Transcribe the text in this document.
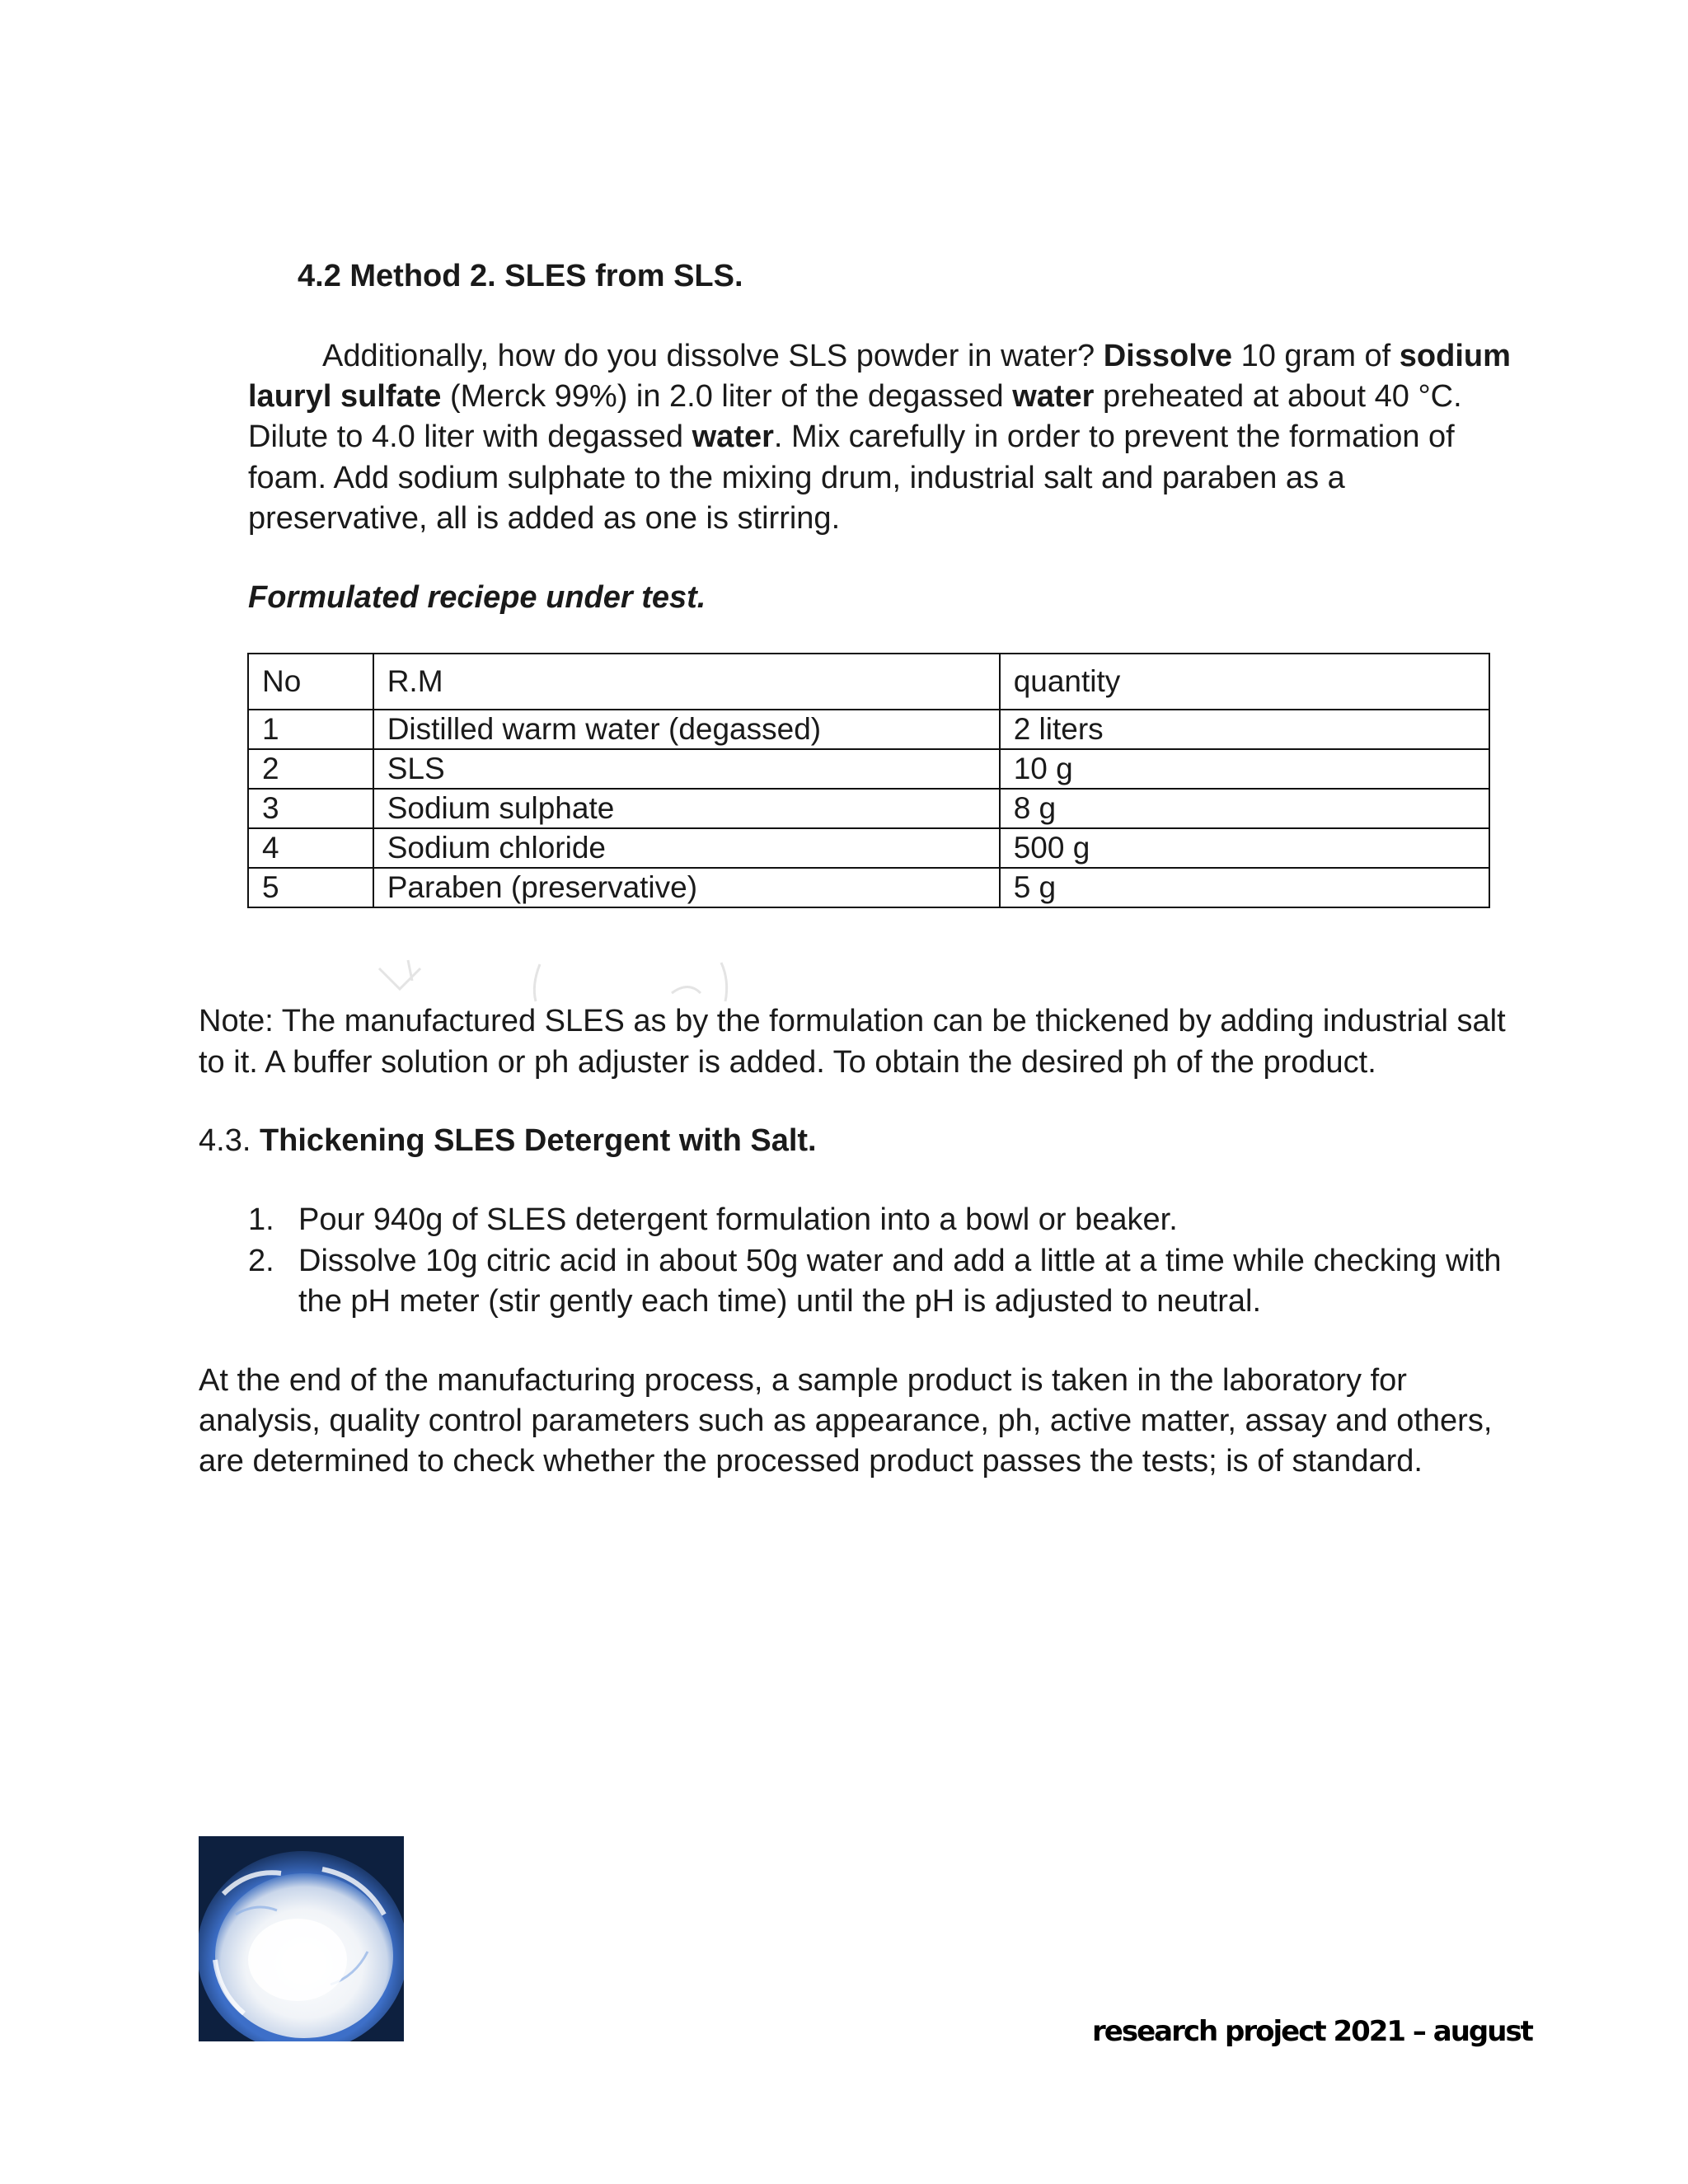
4.2 Method 2. SLES from SLS.
Additionally, how do you dissolve SLS powder in water? Dissolve 10 gram of sodium
lauryl sulfate (Merck 99%) in 2.0 liter of the degassed water preheated at about 40 °C.
Dilute to 4.0 liter with degassed water. Mix carefully in order to prevent the formation of
foam. Add sodium sulphate to the mixing drum, industrial salt and paraben as a
preservative, all is added as one is stirring.
Formulated reciepe under test.
No	R.M	quantity
1	Distilled warm water (degassed)	2 liters
2	SLS	10 g
3	Sodium sulphate	8 g
4	Sodium chloride	500 g
5	Paraben (preservative)	5 g
Note: The manufactured SLES as by the formulation can be thickened by adding industrial salt
to it. A buffer solution or ph adjuster is added. To obtain the desired ph of the product.
4.3. Thickening SLES Detergent with Salt.
1. Pour 940g of SLES detergent formulation into a bowl or beaker.
2. Dissolve 10g citric acid in about 50g water and add a little at a time while checking with
the pH meter (stir gently each time) until the pH is adjusted to neutral.
At the end of the manufacturing process, a sample product is taken in the laboratory for
analysis, quality control parameters such as appearance, ph, active matter, assay and others,
are determined to check whether the processed product passes the tests; is of standard.
research project 2021 – august
